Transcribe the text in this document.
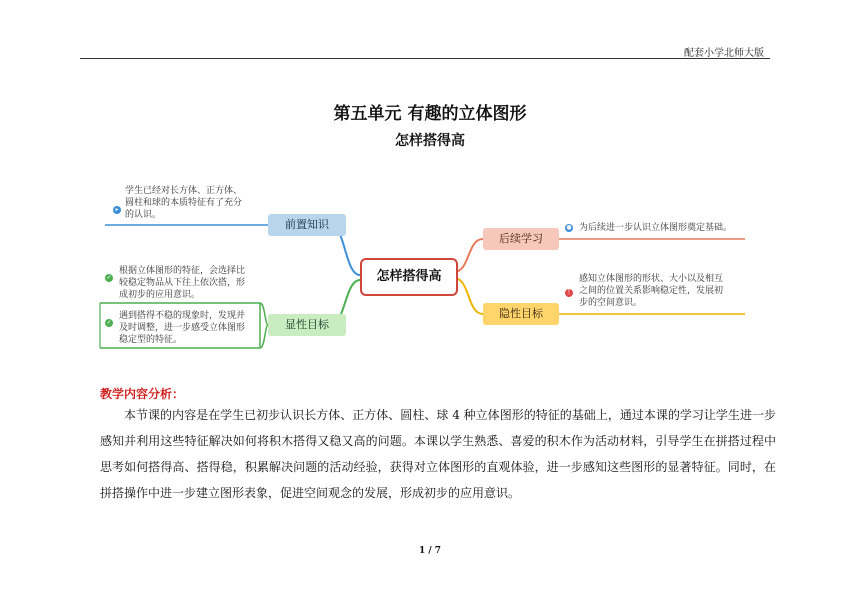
配套小学北师大版
第五单元 有趣的立体图形
怎样搭得高
怎样搭得高
前置知识
后续学习
显性目标
隐性目标
▸
学生已经对长方体、正方体、圆柱和球的本质特征有了充分的认识。
✓
根据立体图形的特征，会选择比较稳定物品从下往上依次搭，形成初步的应用意识。
✓
遇到搭得不稳的现象时，发现并及时调整，进一步感受立体图形稳定型的特征。
● 为后续进一步认识立体图形奠定基础。
!
感知立体图形的形状、大小以及相互之间的位置关系影响稳定性，发展初步的空间意识。
教学内容分析：
本节课的内容是在学生已初步认识长方体、正方体、圆柱、球 4 种立体图形的特征的基础上，通过本课的学习让学生进一步感知并利用这些特征解决如何将积木搭得又稳又高的问题。本课以学生熟悉、喜爱的积木作为活动材料，引导学生在拼搭过程中思考如何搭得高、搭得稳，积累解决问题的活动经验，获得对立体图形的直观体验，进一步感知这些图形的显著特征。同时，在拼搭操作中进一步建立图形表象，促进空间观念的发展，形成初步的应用意识。
1 / 7
